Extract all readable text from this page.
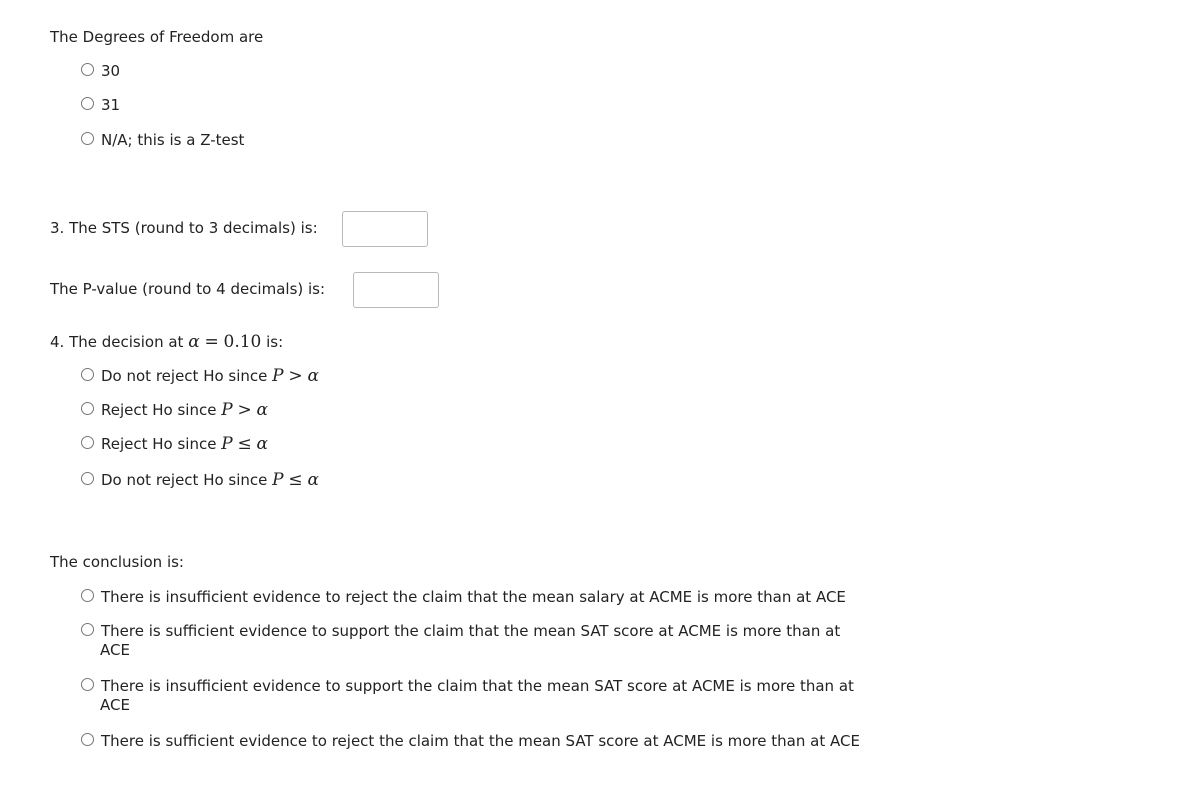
The Degrees of Freedom are
30
31
N/A; this is a Z-test
3. The STS (round to 3 decimals) is:
The P-value (round to 4 decimals) is:
4. The decision at α = 0.10 is:
Do not reject Ho since P > α
Reject Ho since P > α
Reject Ho since P ≤ α
Do not reject Ho since P ≤ α
The conclusion is:
There is insufficient evidence to reject the claim that the mean salary at ACME is more than at ACE
There is sufficient evidence to support the claim that the mean SAT score at ACME is more than at
ACE
There is insufficient evidence to support the claim that the mean SAT score at ACME is more than at
ACE
There is sufficient evidence to reject the claim that the mean SAT score at ACME is more than at ACE
